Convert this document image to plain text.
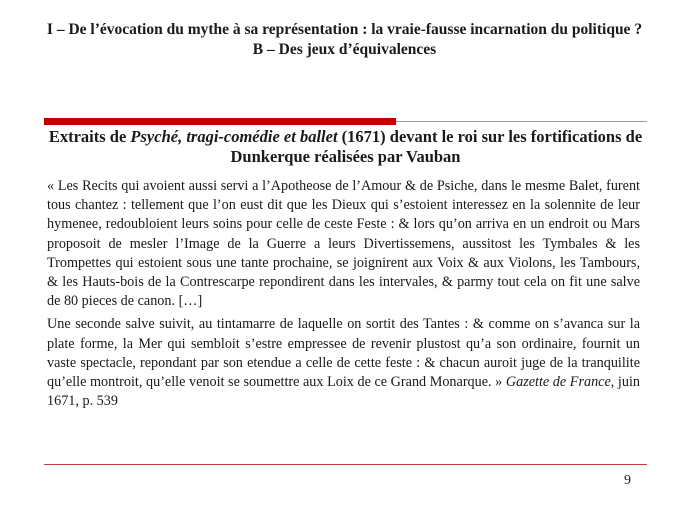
I – De l’évocation du mythe à sa représentation : la vraie-fausse incarnation du politique ?
B – Des jeux d’équivalences
Extraits de Psyché, tragi-comédie et ballet (1671) devant le roi sur les fortifications de Dunkerque réalisées par Vauban

« Les Recits qui avoient aussi servi a l’Apotheose de l’Amour & de Psiche, dans le mesme Balet, furent tous chantez : tellement que l’on eust dit que les Dieux qui s’estoient interessez en la solennite de leur hymenee, redoubloient leurs soins pour celle de ceste Feste : & lors qu’on arriva en un endroit ou Mars proposoit de mesler l’Image de la Guerre a leurs Divertissemens, aussitost les Tymbales & les Trompettes qui estoient sous une tante prochaine, se joignirent aux Voix & aux Violons, les Tambours, & les Hauts-bois de la Contrescarpe repondirent dans les intervales, & parmy tout cela on fit une salve de 80 pieces de canon. […]

Une seconde salve suivit, au tintamarre de laquelle on sortit des Tantes : & comme on s’avanca sur la plate forme, la Mer qui sembloit s’estre empressee de revenir plustost qu’a son ordinaire, fournit un vaste spectacle, repondant par son etendue a celle de cette feste : & chacun auroit juge de la tranquilite qu’elle montroit, qu’elle venoit se soumettre aux Loix de ce Grand Monarque. » Gazette de France, juin 1671, p. 539

9
